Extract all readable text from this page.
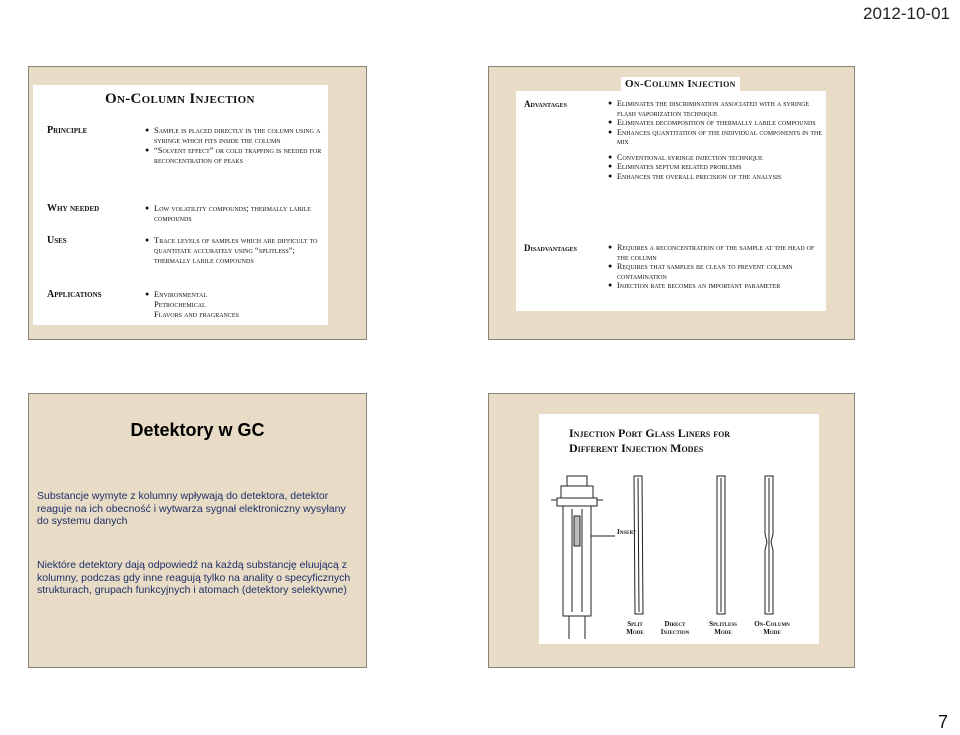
2012-10-01
On-Column Injection
Principle	● Sample is placed directly in the column using a syringe which fits inside the column
● “Solvent effect” or cold trapping is needed for reconcentration of peaks
Why needed	● Low volatility compounds; thermally labile compounds
Uses	● Trace levels of samples which are difficult to quantitate accurately using “splitless”; thermally labile compounds
Applications	● Environmental
Petrochemical
Flavors and fragrances
On-Column Injection
Advantages	● Eliminates the discrimination associated with a syringe flash vaporization technique
● Eliminates decomposition of thermally labile compounds
● Enhances quantitation of the individual components in the mix
● Conventional syringe injection technique
● Eliminates septum related problems
● Enhances the overall precision of the analysis
Disadvantages	● Requires a reconcentration of the sample at the head of the column
● Requires that samples be clean to prevent column contamination
● Injection rate becomes an important parameter
Detektory w GC
Substancje wymyte z kolumny wpływają do detektora, detektor reaguje na ich obecność i wytwarza sygnał elektroniczny wysyłany do systemu danych
Niektóre detektory dają odpowiedź na każdą substancję eluującą z kolumny, podczas gdy inne reagują tylko na anality o specyficznych strukturach, grupach funkcyjnych i atomach (detektory selektywne)
Injection Port Glass Liners for
Different Injection Modes
Insert
Split
Mode
Direct
Injection
Splitless
Mode
On-Column
Mode
7
